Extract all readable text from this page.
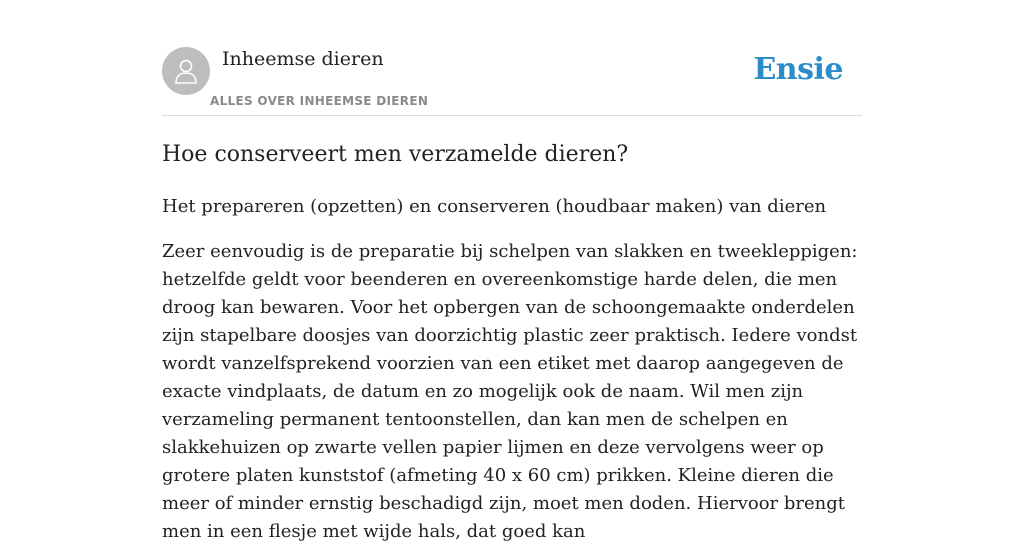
Inheemse dieren
ALLES OVER INHEEMSE DIEREN
Ensie
Hoe conserveert men verzamelde dieren?

Het prepareren (opzetten) en conserveren (houdbaar maken) van dieren

Zeer eenvoudig is de preparatie bij schelpen van slakken en tweekleppigen: hetzelfde geldt voor beenderen en overeenkomstige harde delen, die men droog kan bewaren. Voor het opbergen van de schoongemaakte onderdelen zijn stapelbare doosjes van doorzichtig plastic zeer praktisch. Iedere vondst wordt vanzelfsprekend voorzien van een etiket met daarop aangegeven de exacte vindplaats, de datum en zo mogelijk ook de naam. Wil men zijn verzameling permanent tentoonstellen, dan kan men de schelpen en slakkehuizen op zwarte vellen papier lijmen en deze vervolgens weer op grotere platen kunststof (afmeting 40 x 60 cm) prikken. Kleine dieren die meer of minder ernstig beschadigd zijn, moet men doden. Hiervoor brengt men in een flesje met wijde hals, dat goed kan
